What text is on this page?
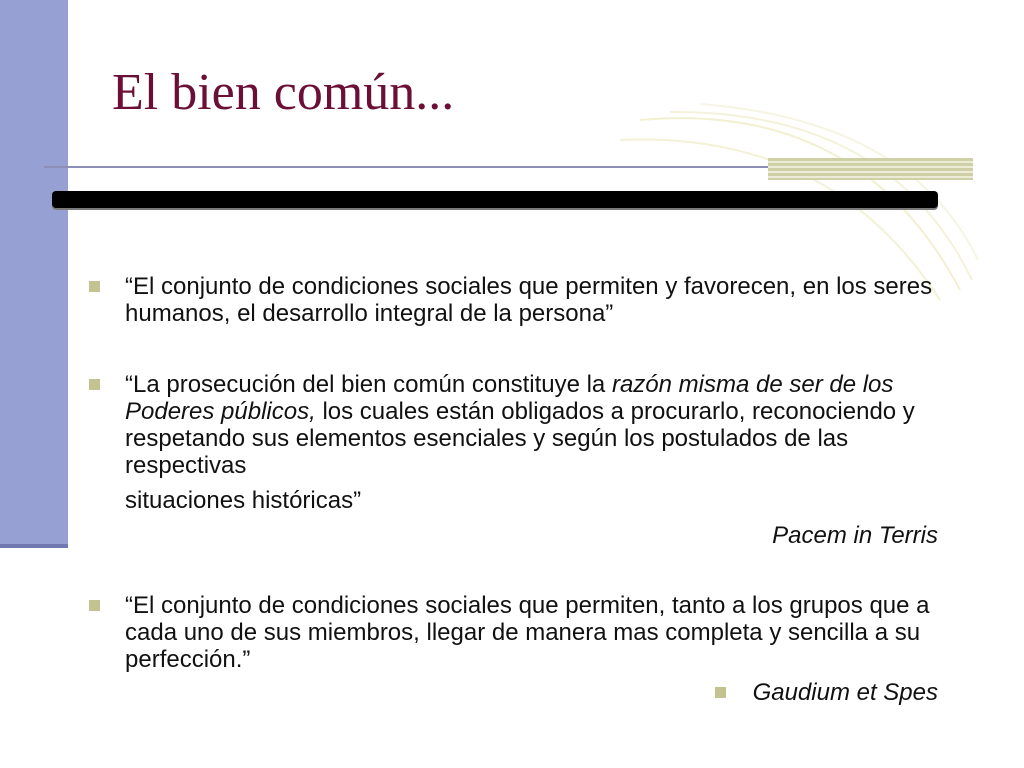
El bien común...

“El conjunto de condiciones sociales que permiten y favorecen, en los seres humanos, el desarrollo integral de la persona”

“La prosecución del bien común constituye la razón misma de ser de los Poderes públicos, los cuales están obligados a procurarlo, reconociendo y respetando sus elementos esenciales y según los postulados de las respectivas

situaciones históricas”

Pacem in Terris

“El conjunto de condiciones sociales que permiten, tanto a los grupos que a cada uno de sus miembros, llegar de manera mas completa y sencilla a su perfección.”

Gaudium et Spes
